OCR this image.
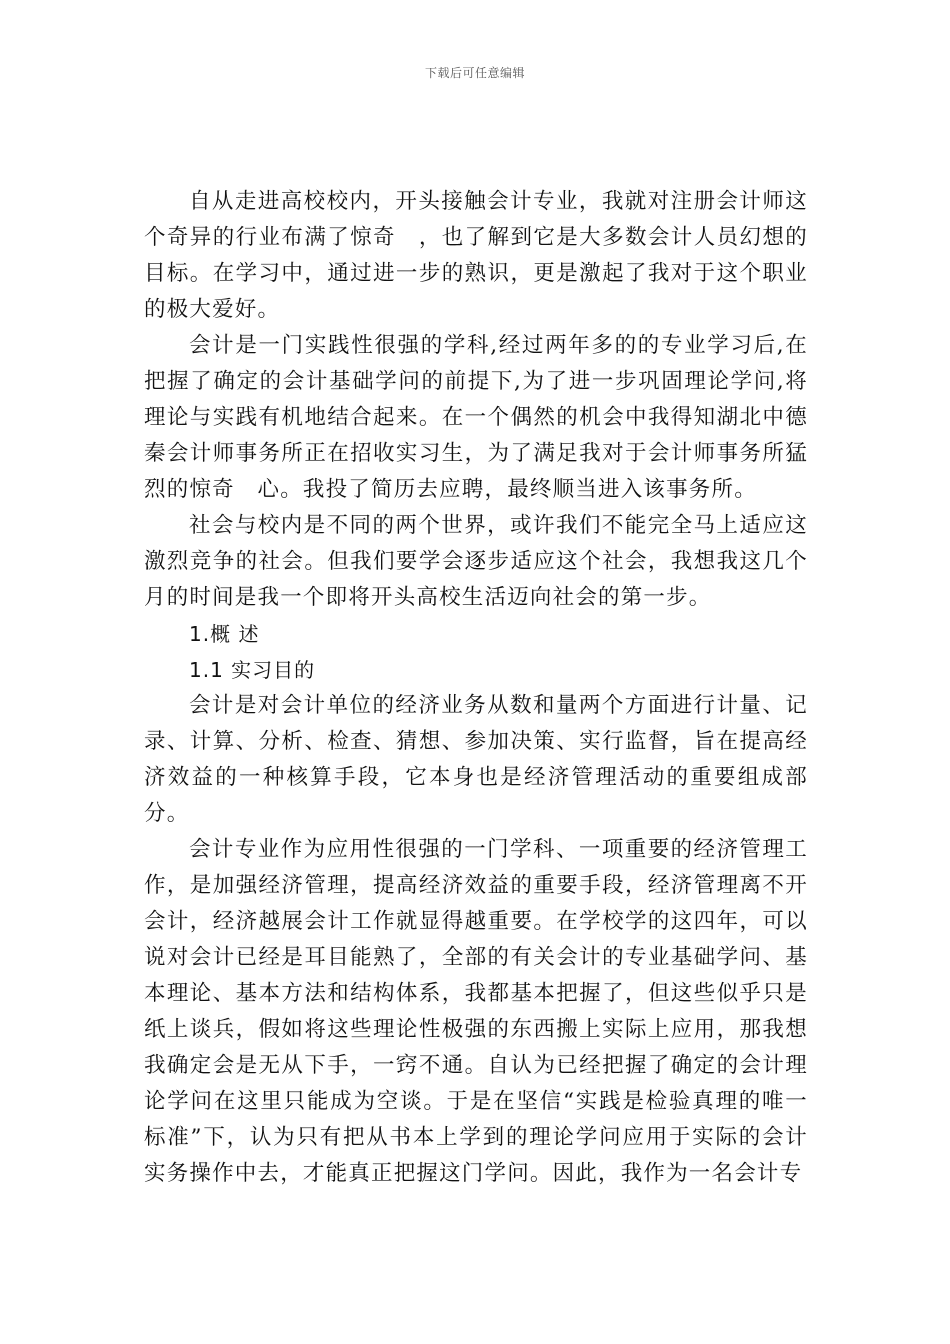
下载后可任意编辑

自从走进高校校内，开头接触会计专业，我就对注册会计师这个奇异的行业布满了惊奇　，也了解到它是大多数会计人员幻想的目标。在学习中，通过进一步的熟识，更是激起了我对于这个职业的极大爱好。

会计是一门实践性很强的学科,经过两年多的的专业学习后,在把握了确定的会计基础学问的前提下,为了进一步巩固理论学问,将理论与实践有机地结合起来。在一个偶然的机会中我得知湖北中德秦会计师事务所正在招收实习生，为了满足我对于会计师事务所猛烈的惊奇　心。我投了简历去应聘，最终顺当进入该事务所。

社会与校内是不同的两个世界，或许我们不能完全马上适应这激烈竞争的社会。但我们要学会逐步适应这个社会，我想我这几个月的时间是我一个即将开头高校生活迈向社会的第一步。

1.概 述

1.1 实习目的

会计是对会计单位的经济业务从数和量两个方面进行计量、记录、计算、分析、检查、猜想、参加决策、实行监督，旨在提高经济效益的一种核算手段，它本身也是经济管理活动的重要组成部分。

会计专业作为应用性很强的一门学科、一项重要的经济管理工作，是加强经济管理，提高经济效益的重要手段，经济管理离不开会计，经济越展会计工作就显得越重要。在学校学的这四年，可以说对会计已经是耳目能熟了，全部的有关会计的专业基础学问、基本理论、基本方法和结构体系，我都基本把握了，但这些似乎只是纸上谈兵，假如将这些理论性极强的东西搬上实际上应用，那我想我确定会是无从下手，一窍不通。自认为已经把握了确定的会计理论学问在这里只能成为空谈。于是在坚信“实践是检验真理的唯一标准”下，认为只有把从书本上学到的理论学问应用于实际的会计实务操作中去，才能真正把握这门学问。因此，我作为一名会计专
